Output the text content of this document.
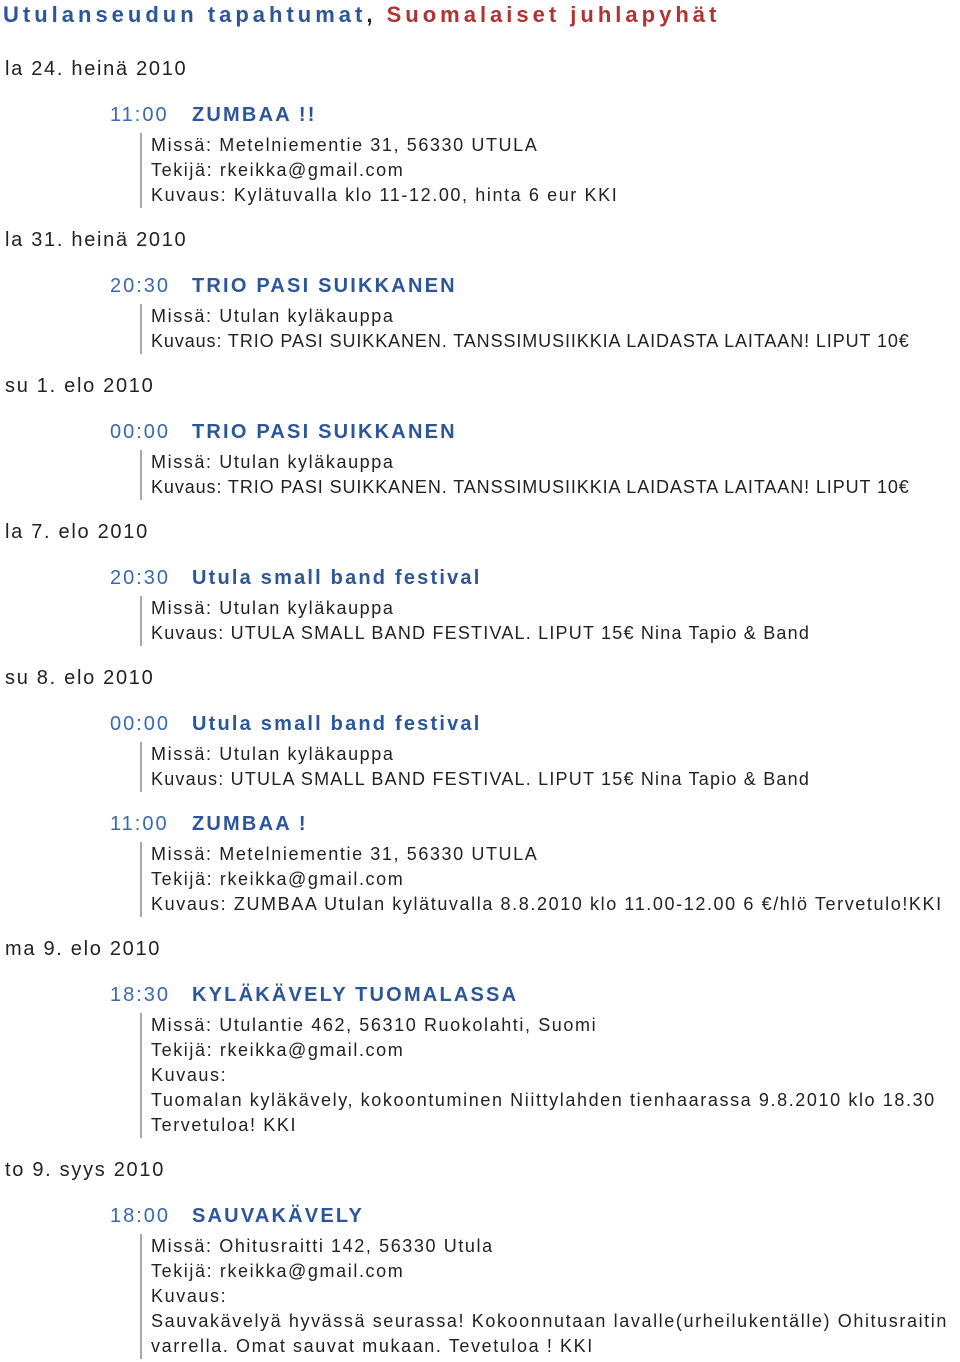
Utulanseudun tapahtumat, Suomalaiset juhlapyhät
la 24. heinä 2010
11:00	ZUMBAA !!
Missä: Metelniementie 31, 56330 UTULA
Tekijä: rkeikka@gmail.com
Kuvaus: Kylätuvalla klo 11-12.00, hinta 6 eur KKI
la 31. heinä 2010
20:30	TRIO PASI SUIKKANEN
Missä: Utulan kyläkauppa
Kuvaus: TRIO PASI SUIKKANEN. TANSSIMUSIIKKIA LAIDASTA LAITAAN! LIPUT 10€
su 1. elo 2010
00:00	TRIO PASI SUIKKANEN
Missä: Utulan kyläkauppa
Kuvaus: TRIO PASI SUIKKANEN. TANSSIMUSIIKKIA LAIDASTA LAITAAN! LIPUT 10€
la 7. elo 2010
20:30	Utula small band festival
Missä: Utulan kyläkauppa
Kuvaus: UTULA SMALL BAND FESTIVAL. LIPUT 15€ Nina Tapio & Band
su 8. elo 2010
00:00	Utula small band festival
Missä: Utulan kyläkauppa
Kuvaus: UTULA SMALL BAND FESTIVAL. LIPUT 15€ Nina Tapio & Band
11:00	ZUMBAA !
Missä: Metelniementie 31, 56330 UTULA
Tekijä: rkeikka@gmail.com
Kuvaus: ZUMBAA Utulan kylätuvalla 8.8.2010 klo 11.00-12.00 6 €/hlö Tervetulo!KKI
ma 9. elo 2010
18:30	KYLÄKÄVELY TUOMALASSA
Missä: Utulantie 462, 56310 Ruokolahti, Suomi
Tekijä: rkeikka@gmail.com
Kuvaus:
Tuomalan kyläkävely, kokoontuminen Niittylahden tienhaarassa 9.8.2010 klo 18.30
Tervetuloa! KKI
to 9. syys 2010
18:00	SAUVAKÄVELY
Missä: Ohitusraitti 142, 56330 Utula
Tekijä: rkeikka@gmail.com
Kuvaus:
Sauvakävelyä hyvässä seurassa! Kokoonnutaan lavalle(urheilukentälle) Ohitusraitin
varrella. Omat sauvat mukaan. Tevetuloa ! KKI
